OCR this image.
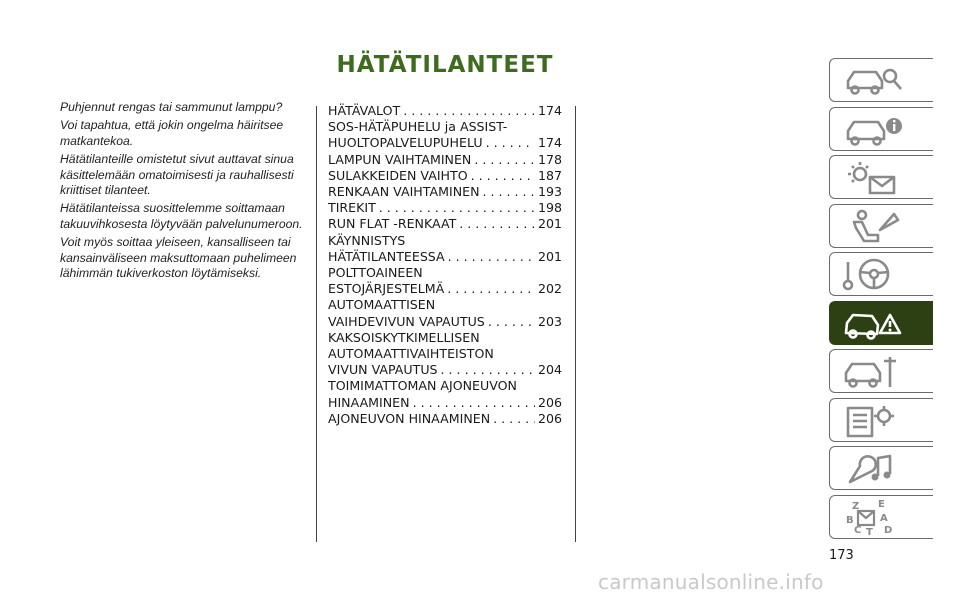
HÄTÄTILANTEET

Puhjennut rengas tai sammunut lamppu?

Voi tapahtua, että jokin ongelma häiritsee matkantekoa.

Hätätilanteille omistetut sivut auttavat sinua käsittelemään omatoimisesti ja rauhallisesti kriittiset tilanteet.

Hätätilanteissa suosittelemme soittamaan takuuvihkosesta löytyvään palvelunumeroon.

Voit myös soittaa yleiseen, kansalliseen tai kansainväliseen maksuttomaan puhelimeen lähimmän tukiverkoston löytämiseksi.

HÄTÄVALOT . . .	174
SOS-HÄTÄPUHELU ja ASSIST-
HUOLTOPALVELUPUHELU . . .	174
LAMPUN VAIHTAMINEN . . .	178
SULAKKEIDEN VAIHTO . . .	187
RENKAAN VAIHTAMINEN . . .	193
TIREKIT . . .	198
RUN FLAT -RENKAAT . . .	201
KÄYNNISTYS
HÄTÄTILANTEESSA . . .	201
POLTTOAINEEN
ESTOJÄRJESTELMÄ . . .	202
AUTOMAATTISEN
VAIHDEVIVUN VAPAUTUS . . .	203
KAKSOISKYTKIMELLISEN
AUTOMAATTIVAIHTEISTON
VIVUN VAPAUTUS . . .	204
TOIMIMATTOMAN AJONEUVON
HINAAMINEN . . .	206
AJONEUVON HINAAMINEN . . .	206
Z E
B	A
C T D
173
carmanualsonline.info
